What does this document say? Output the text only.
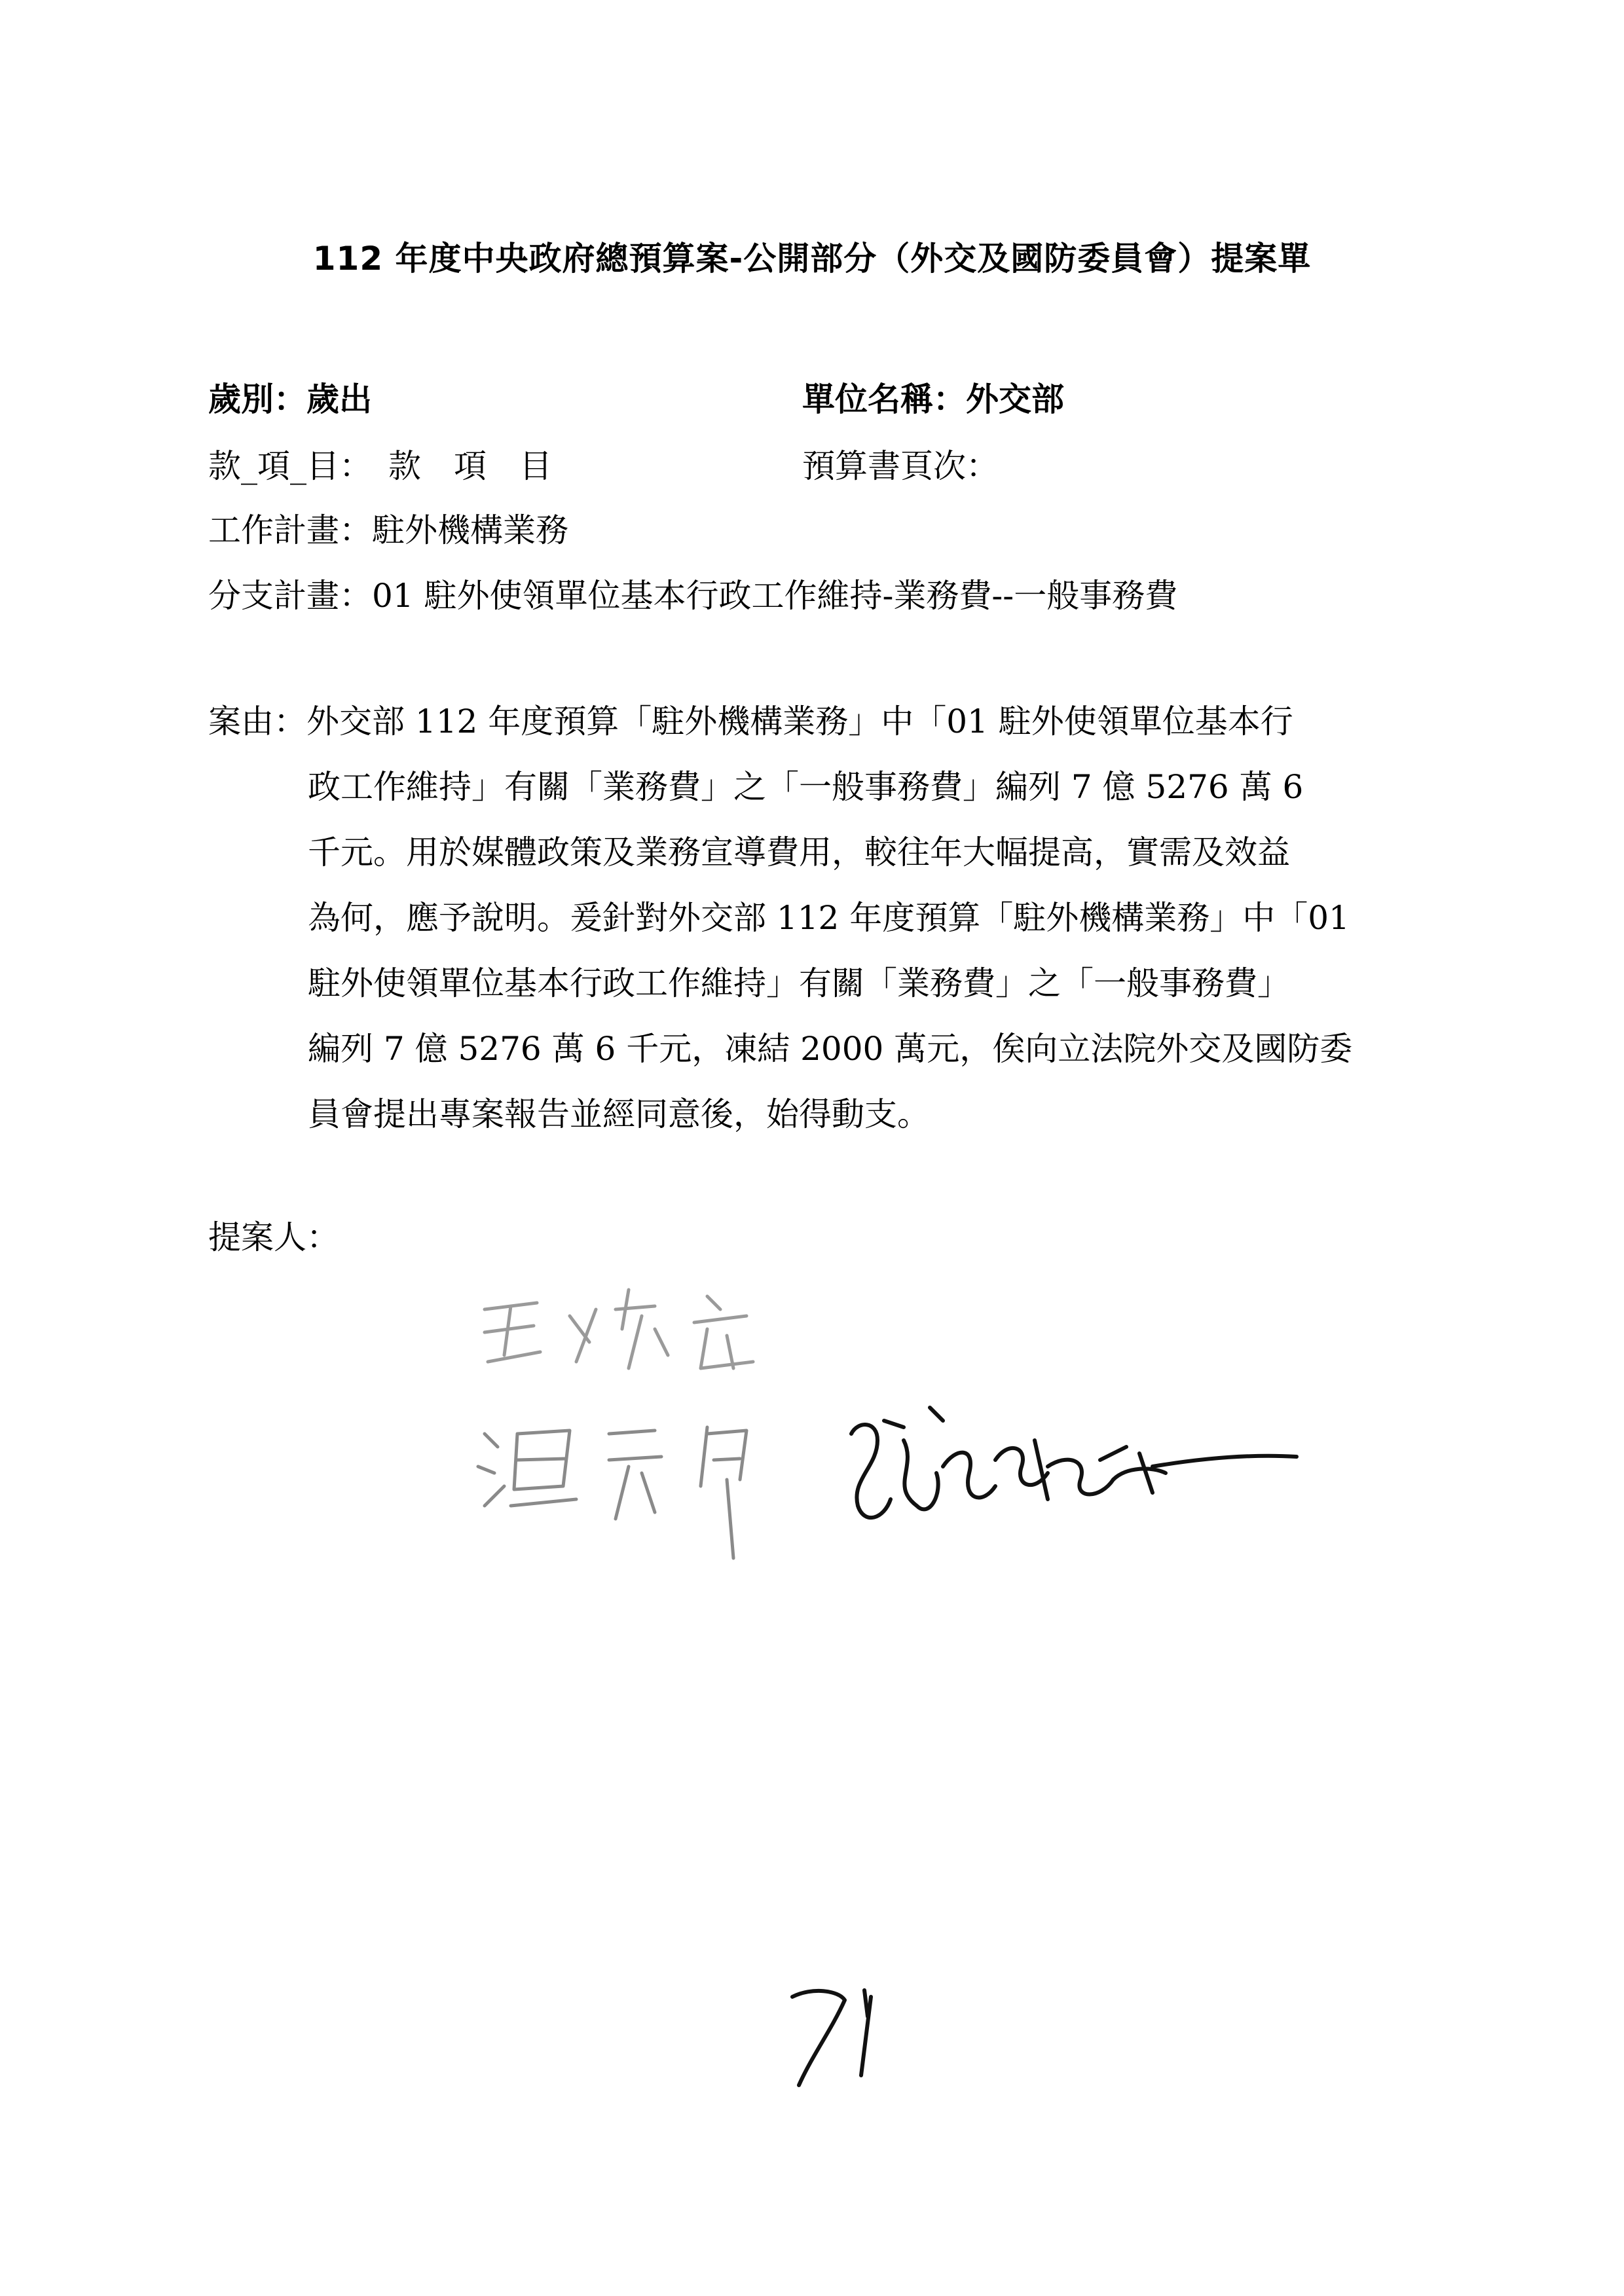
112 年度中央政府總預算案-公開部分（外交及國防委員會）提案單
歲別：歲出	單位名稱：外交部
款_項_目：　款　項　目	預算書頁次：
工作計畫：駐外機構業務
分支計畫：01 駐外使領單位基本行政工作維持-業務費--一般事務費
案由：外交部 112 年度預算「駐外機構業務」中「01 駐外使領單位基本行
政工作維持」有關「業務費」之「一般事務費」編列 7 億 5276 萬 6
千元。用於媒體政策及業務宣導費用，較往年大幅提高，實需及效益
為何，應予說明。爰針對外交部 112 年度預算「駐外機構業務」中「01
駐外使領單位基本行政工作維持」有關「業務費」之「一般事務費」
編列 7 億 5276 萬 6 千元，凍結 2000 萬元，俟向立法院外交及國防委
員會提出專案報告並經同意後，始得動支。
提案人：
